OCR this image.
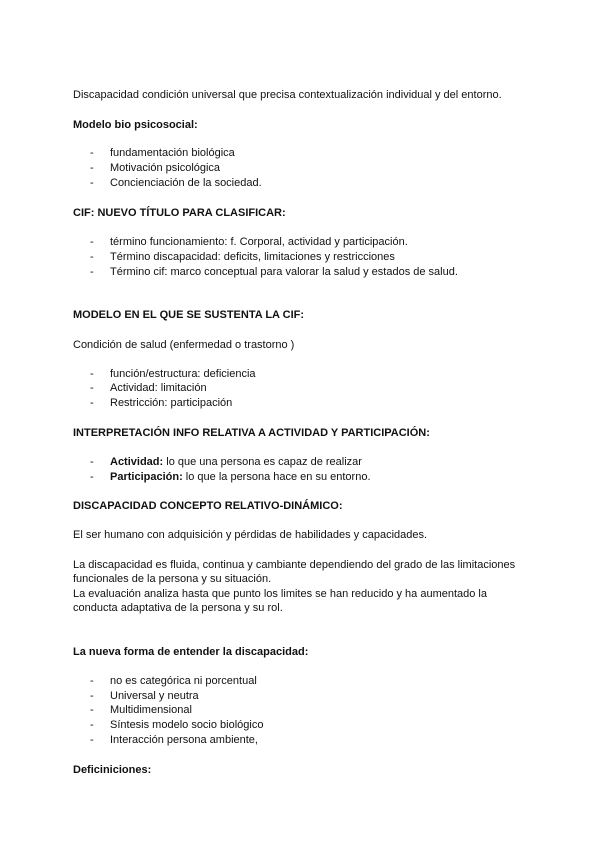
Discapacidad condición universal que precisa contextualización individual y del entorno.
Modelo bio psicosocial:
- fundamentación biológica
- Motivación psicológica
- Concienciación de la sociedad.
CIF: NUEVO TÍTULO PARA CLASIFICAR:
- término funcionamiento: f. Corporal, actividad y participación.
- Término discapacidad: deficits, limitaciones y restricciones
- Término cif: marco conceptual para valorar la salud y estados de salud.
MODELO EN EL QUE SE SUSTENTA LA CIF:
Condición de salud (enfermedad o trastorno )
- función/estructura: deficiencia
- Actividad: limitación
- Restricción: participación
INTERPRETACIÓN INFO RELATIVA A ACTIVIDAD Y PARTICIPACIÓN:
- Actividad: lo que una persona es capaz de realizar
- Participación: lo que la persona hace en su entorno.
DISCAPACIDAD CONCEPTO RELATIVO-DINÁMICO:
El ser humano con adquisición y pérdidas de habilidades y capacidades.
La discapacidad es fluida, continua y cambiante dependiendo del grado de las limitaciones
funcionales de la persona y su situación.
La evaluación analiza hasta que punto los limites se han reducido y ha aumentado la
conducta adaptativa de la persona y su rol.
La nueva forma de entender la discapacidad:
- no es categórica ni porcentual
- Universal y neutra
- Multidimensional
- Síntesis modelo socio biológico
- Interacción persona ambiente,
Deficiniciones:
